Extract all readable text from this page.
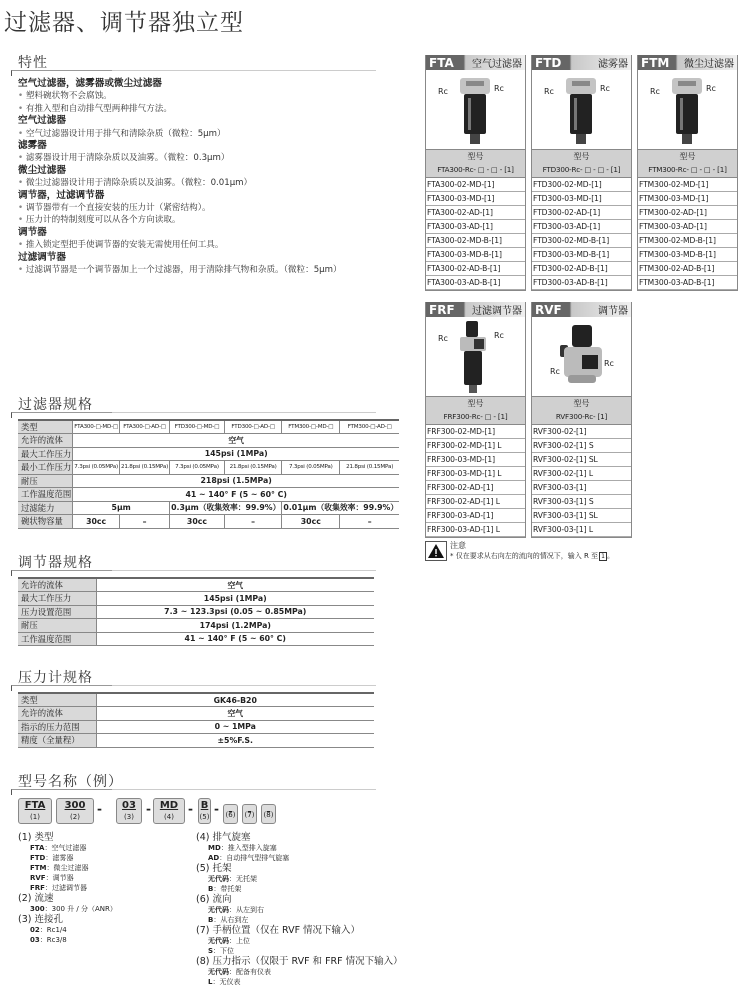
过滤器、调节器独立型
特性
空气过滤器，滤雾器或微尘过滤器
• 塑料碗状物不会腐蚀。
• 有推入型和自动排气型两种排气方法。
空气过滤器
• 空气过滤器设计用于排气和清除杂质（微粒：5μm）
滤雾器
• 滤雾器设计用于清除杂质以及油雾。（微粒：0.3μm）
微尘过滤器
• 微尘过滤器设计用于清除杂质以及油雾。（微粒：0.01μm）
调节器，过滤调节器
• 调节器带有一个直接安装的压力计（紧密结构）。
• 压力计的特制刻度可以从各个方向读取。
调节器
• 推入锁定型把手使调节器的安装无需使用任何工具。
过滤调节器
• 过滤调节器是一个调节器加上一个过滤器，用于清除排气物和杂质。（微粒：5μm）
过滤器规格
类型	FTA300-□-MD-□	FTA300-□-AD-□	FTD300-□-MD-□	FTD300-□-AD-□	FTM300-□-MD-□	FTM300-□-AD-□
允许的流体	空气					
最大工作压力	145psi (1MPa)					
最小工作压力	7.3psi (0.05MPa)	21.8psi (0.15MPa)	7.3psi (0.05MPa)	21.8psi (0.15MPa)	7.3psi (0.05MPa)	21.8psi (0.15MPa)
耐压	218psi (1.5MPa)					
工作温度范围	41 ~ 140° F (5 ~ 60° C)					
过滤能力	5μm		0.3μm（收集效率：99.9%）		0.01μm（收集效率：99.9%）	
碗状物容量	30cc	–	30cc	–	30cc	–
调节器规格
允许的流体	空气
最大工作压力	145psi (1MPa)
压力设置范围	7.3 ~ 123.3psi (0.05 ~ 0.85MPa)
耐压	174psi (1.2MPa)
工作温度范围	41 ~ 140° F (5 ~ 60° C)
压力计规格
类型	GK46-B20
允许的流体	空气
指示的压力范围	0 ~ 1MPa
精度（全量程）	±5%F.S.
型号名称（例）
FTA
(1)
300
(2)
03
(3)
MD
(4)
B
(5)
(6)
(7)
(8)
-	-	- -
(1) 类型
FTA：空气过滤器
FTD：滤雾器
FTM：微尘过滤器
RVF：调节器
FRF：过滤调节器
(2) 流速
300：300 升 / 分（ANR）
(3) 连接孔
02：Rc1/4
03：Rc3/8
(4) 排气旋塞
MD：推入型排入旋塞
AD：自动排气型排气旋塞
(5) 托架
无代码：无托架
B：带托架
(6) 流向
无代码：从左到右
B：从右到左
(7) 手柄位置（仅在 RVF 情况下输入）
无代码：上位
S：下位
(8) 压力指示（仅限于 RVF 和 FRF 情况下输入）
无代码：配备有仪表
L：无仪表
FTA 空气过滤器
Rc	Rc
型号
FTA300-Rc- □ - □ - [1]
FTA300-02-MD-[1]
FTA300-03-MD-[1]
FTA300-02-AD-[1]
FTA300-03-AD-[1]
FTA300-02-MD-B-[1]
FTA300-03-MD-B-[1]
FTA300-02-AD-B-[1]
FTA300-03-AD-B-[1]
FTD	滤雾器
Rc	Rc
型号
FTD300-Rc- □ - □ - [1]
FTD300-02-MD-[1]
FTD300-03-MD-[1]
FTD300-02-AD-[1]
FTD300-03-AD-[1]
FTD300-02-MD-B-[1]
FTD300-03-MD-B-[1]
FTD300-02-AD-B-[1]
FTD300-03-AD-B-[1]
FTM 微尘过滤器
Rc	Rc
型号
FTM300-Rc- □ - □ - [1]
FTM300-02-MD-[1]
FTM300-03-MD-[1]
FTM300-02-AD-[1]
FTM300-03-AD-[1]
FTM300-02-MD-B-[1]
FTM300-03-MD-B-[1]
FTM300-02-AD-B-[1]
FTM300-03-AD-B-[1]
FRF 过滤调节器
Rc	Rc
型号
FRF300-Rc- □ - [1]
FRF300-02-MD-[1]
FRF300-02-MD-[1] L
FRF300-03-MD-[1]
FRF300-03-MD-[1] L
FRF300-02-AD-[1]
FRF300-02-AD-[1] L
FRF300-03-AD-[1]
FRF300-03-AD-[1] L
RVF	调节器
Rc
Rc
型号
RVF300-Rc- [1]
RVF300-02-[1]
RVF300-02-[1] S
RVF300-02-[1] SL
RVF300-02-[1] L
RVF300-03-[1]
RVF300-03-[1] S
RVF300-03-[1] SL
RVF300-03-[1] L
注意
* 仅在要求从右向左的流向的情况下，输入 R 至 1 。
